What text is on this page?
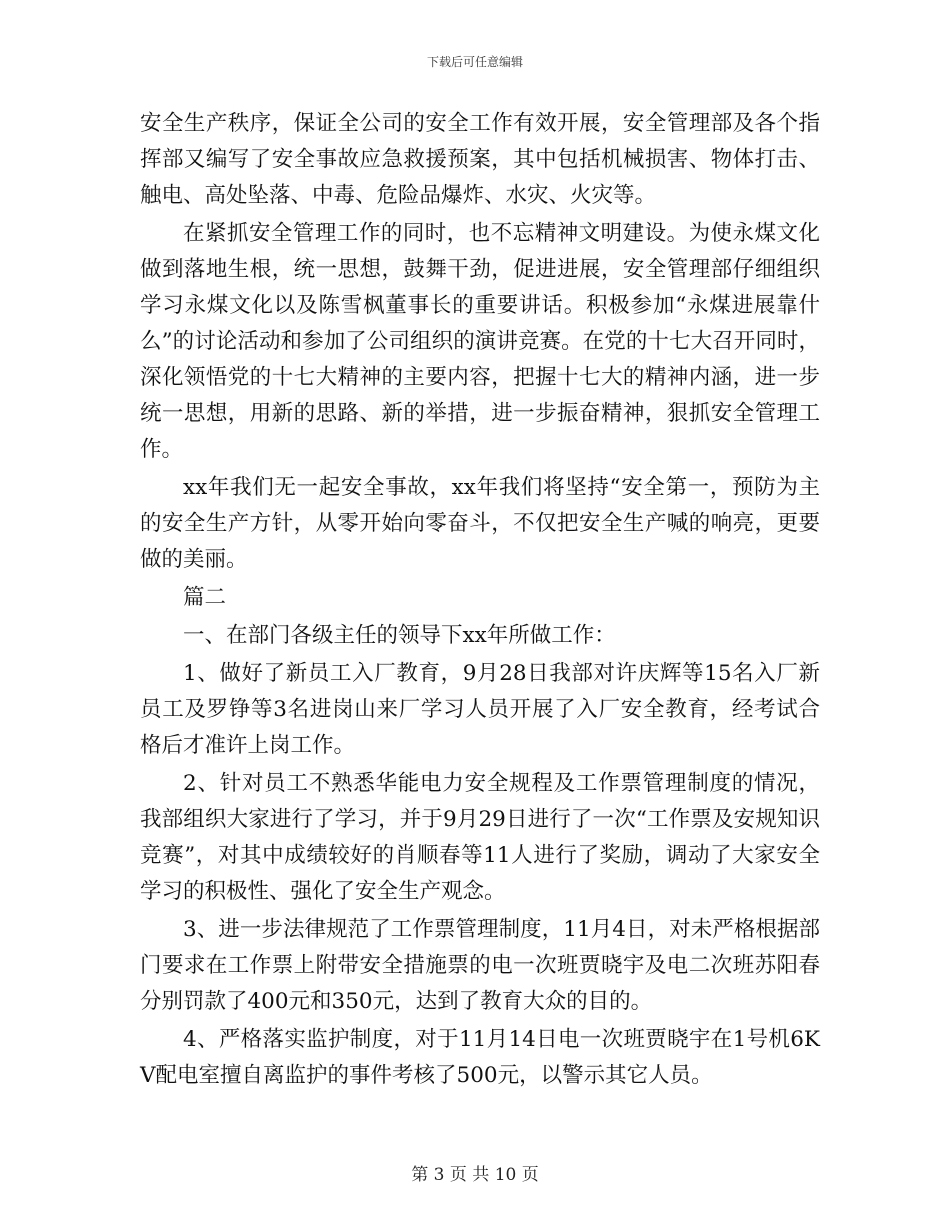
下载后可任意编辑

安全生产秩序，保证全公司的安全工作有效开展，安全管理部及各个指挥部又编写了安全事故应急救援预案，其中包括机械损害、物体打击、触电、高处坠落、中毒、危险品爆炸、水灾、火灾等。

在紧抓安全管理工作的同时，也不忘精神文明建设。为使永煤文化做到落地生根，统一思想，鼓舞干劲，促进进展，安全管理部仔细组织学习永煤文化以及陈雪枫董事长的重要讲话。积极参加“永煤进展靠什么”的讨论活动和参加了公司组织的演讲竞赛。在党的十七大召开同时，深化领悟党的十七大精神的主要内容，把握十七大的精神内涵，进一步统一思想，用新的思路、新的举措，进一步振奋精神，狠抓安全管理工作。

xx年我们无一起安全事故，xx年我们将坚持“安全第一，预防为主的安全生产方针，从零开始向零奋斗，不仅把安全生产喊的响亮，更要做的美丽。

篇二

一、在部门各级主任的领导下xx年所做工作：

1、做好了新员工入厂教育，9月28日我部对许庆辉等15名入厂新员工及罗铮等3名进岗山来厂学习人员开展了入厂安全教育，经考试合格后才准许上岗工作。

2、针对员工不熟悉华能电力安全规程及工作票管理制度的情况，我部组织大家进行了学习，并于9月29日进行了一次“工作票及安规知识竞赛”，对其中成绩较好的肖顺春等11人进行了奖励，调动了大家安全学习的积极性、强化了安全生产观念。

3、进一步法律规范了工作票管理制度，11月4日，对未严格根据部门要求在工作票上附带安全措施票的电一次班贾晓宇及电二次班苏阳春分别罚款了400元和350元，达到了教育大众的目的。

4、严格落实监护制度，对于11月14日电一次班贾晓宇在1号机6KV配电室擅自离监护的事件考核了500元，以警示其它人员。

第 3 页 共 10 页
